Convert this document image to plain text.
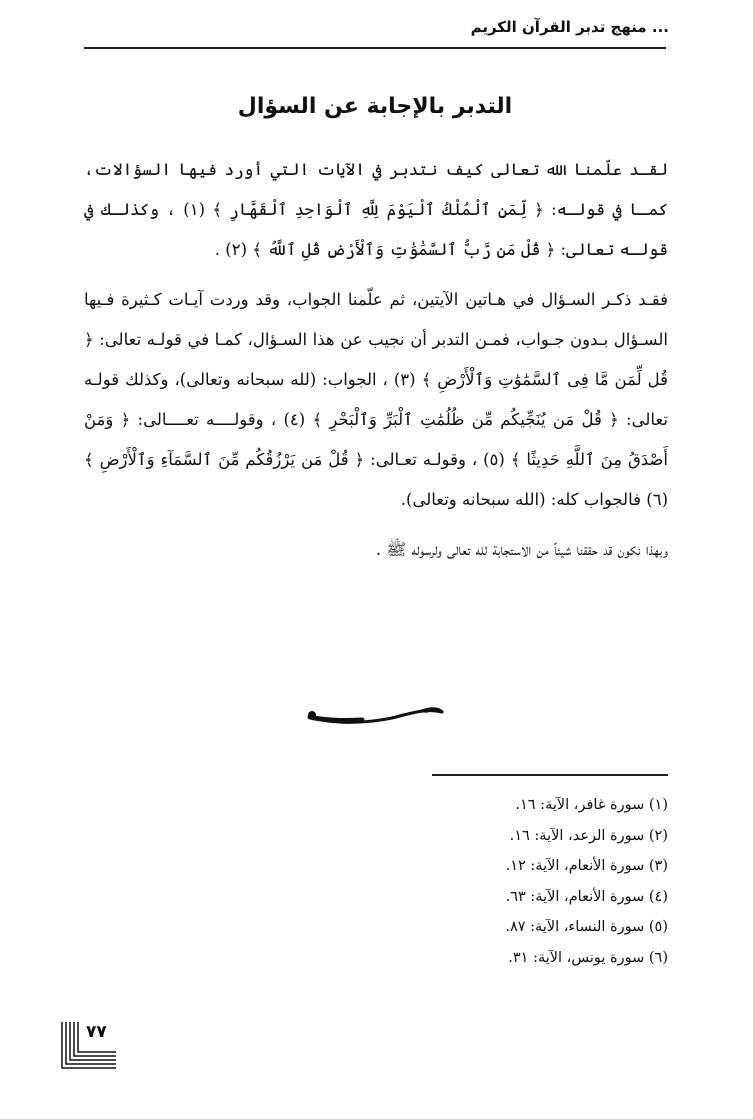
... منهج تدبر القرآن الكريم
التدبر بالإجابة عن السؤال

لقـد علّمنا الله تعالى كيف نتدبر في الآيات التي أورد فيها السؤالات، كمـا في قولـه: ﴿ لِّمَنِ ٱلْمُلْكُ ٱلْيَوْمَ لِلَّهِ ٱلْوَاحِدِ ٱلْقَهَّارِ ﴾ (١) ، وكذلـك في قولـه تعالى: ﴿ قُلْ مَن رَّبُّ ٱلسَّمَٰوَٰتِ وَٱلْأَرْضِ قُلِ ٱللَّهُ ﴾ (٢) .

فقـد ذكـر السـؤال في هـاتين الآيتين، ثم علّمنا الجواب، وقد وردت آيـات كـثيرة فـيها السـؤال بـدون جـواب، فمـن التدبر أن نجيب عن هذا السـؤال، كمـا في قولـه تعالى: ﴿ قُل لِّمَن مَّا فِى ٱلسَّمَٰوَٰتِ وَٱلْأَرْضِ ﴾ (٣) ، الجواب: (لله سبحانه وتعالى)، وكذلك قولـه تعالى: ﴿ قُلْ مَن يُنَجِّيكُم مِّن ظُلُمَٰتِ ٱلْبَرِّ وَٱلْبَحْرِ ﴾ (٤) ، وقولــــه تعــــالى: ﴿ وَمَنْ أَصْدَقُ مِنَ ٱللَّهِ حَدِيثًا ﴾ (٥) ، وقولـه تعـالى: ﴿ قُلْ مَن يَرْزُقُكُم مِّنَ ٱلسَّمَآءِ وَٱلْأَرْضِ ﴾ (٦) فالجواب كله: (الله سبحانه وتعالى).

وبهذا نكون قد حققنا شيئاً من الاستجابة لله تعالى ولرسوله ﷺ .

(١) سورة غافر، الآية: ١٦.
(٢) سورة الرعد، الآية: ١٦.
(٣) سورة الأنعام، الآية: ١٢.
(٤) سورة الأنعام، الآية: ٦٣.
(٥) سورة النساء، الآية: ٨٧.
(٦) سورة يونس، الآية: ٣١.
٧٧
